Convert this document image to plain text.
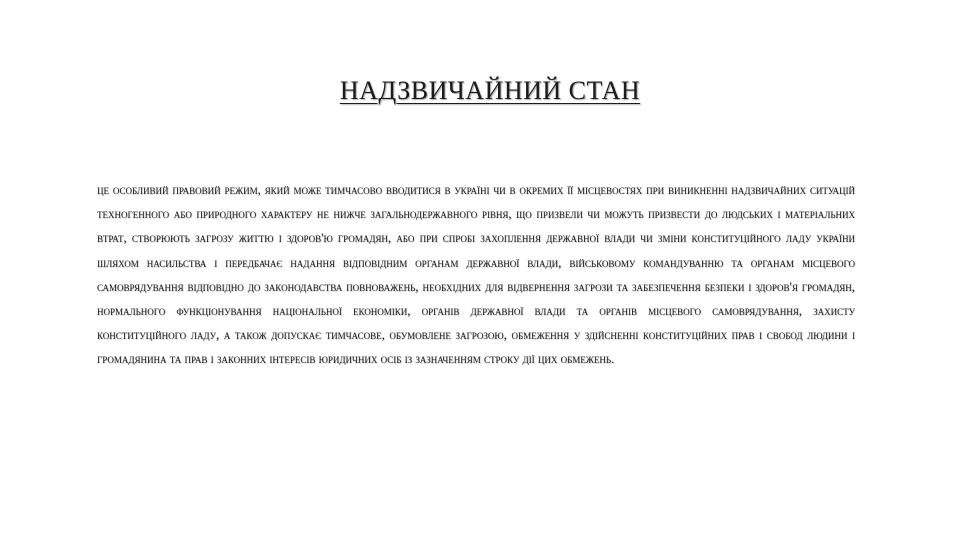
НАДЗВИЧАЙНИЙ СТАН

це особливий правовий режим, який може тимчасово вводитися в україні чи в окремих її місцевостях при виникненні надзвичайних ситуацій техногенного або природного характеру не нижче загальнодержавного рівня, що призвели чи можуть призвести до людських і матеріальних втрат, створюють загрозу життю і здоров'ю громадян, або при спробі захоплення державної влади чи зміни конституційного ладу україни шляхом насильства і передбачає надання відповідним органам державної влади, військовому командуванню та органам місцевого самоврядування відповідно до законодавства повноважень, необхідних для відвернення загрози та забезпечення безпеки і здоров'я громадян, нормального функціонування національної економіки, органів державної влади та органів місцевого самоврядування, захисту конституційного ладу, а також допускає тимчасове, обумовлене загрозою, обмеження у здійсненні конституційних прав і свобод людини і громадянина та прав і законних інтересів юридичних осіб із зазначенням строку дії цих обмежень.
